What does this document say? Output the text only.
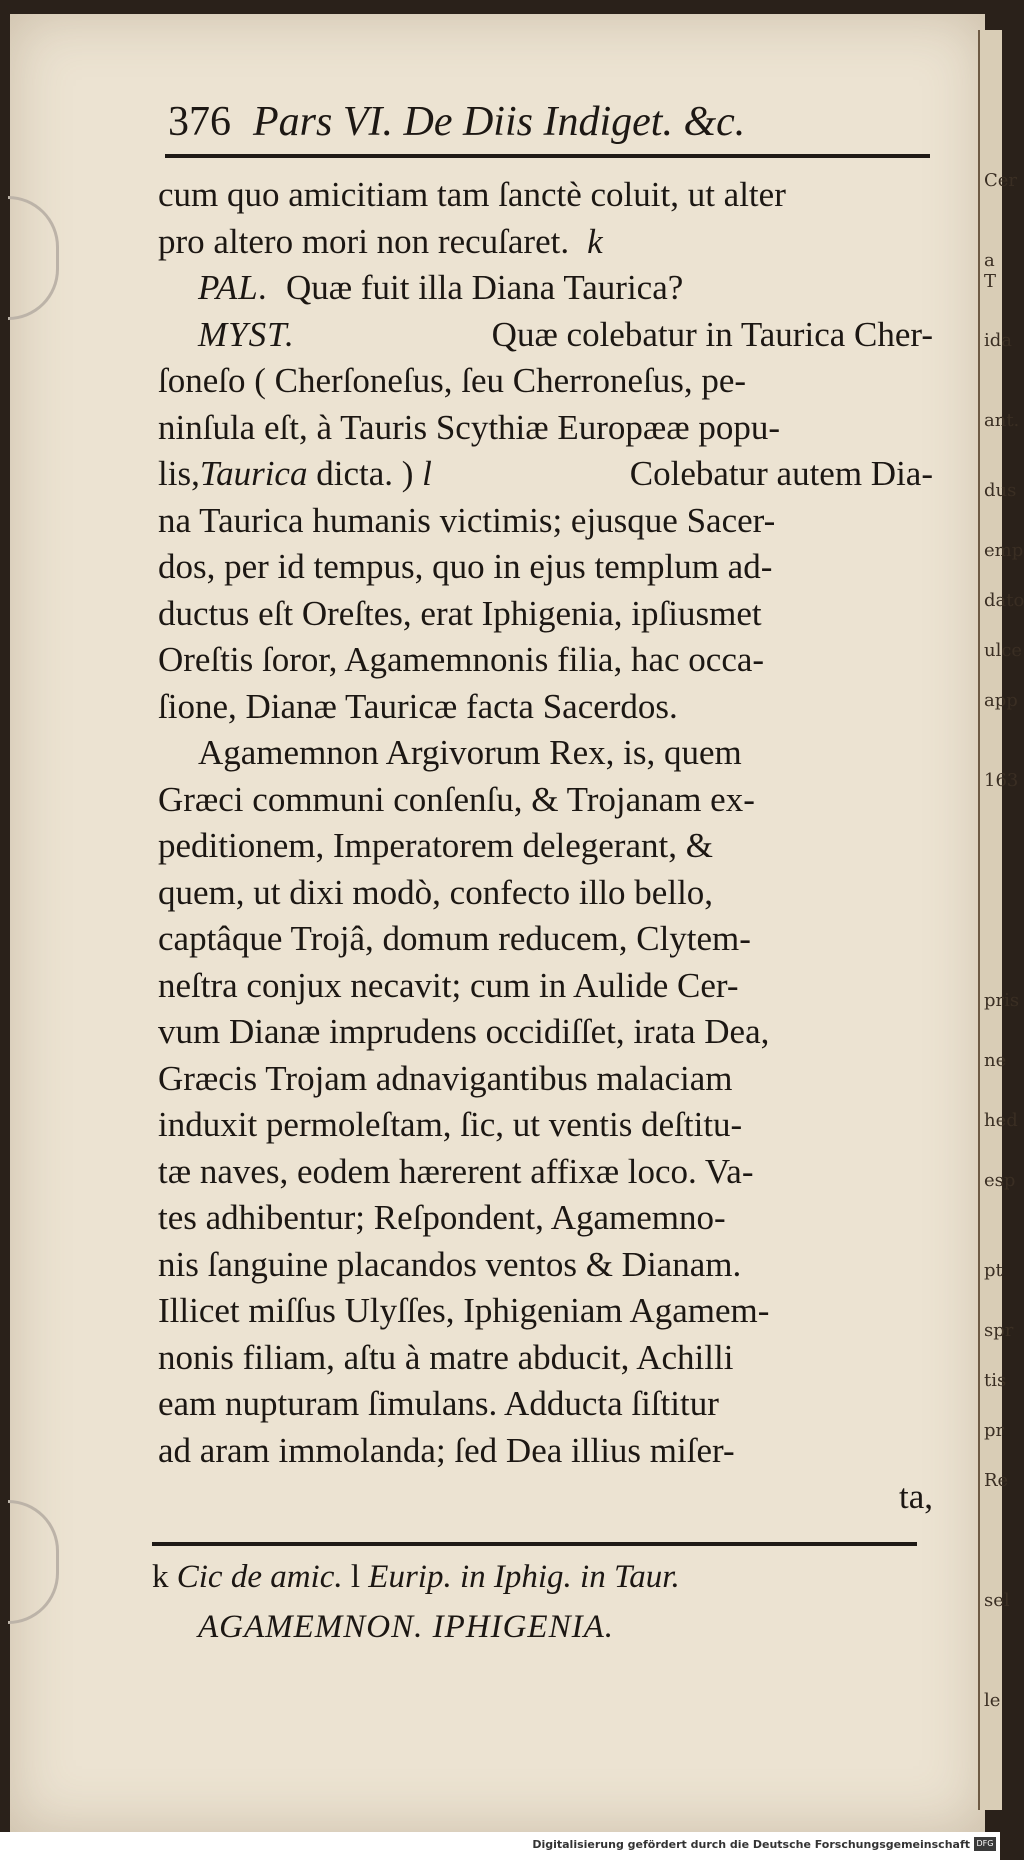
Cer
a T
ida
ant.
dus
emp
dato
ulce
app
163
pris
ne
hed
esp
pt
spr
tis
pr
Re
sel
le
376 Pars VI. De Diis Indiget. &c.
cum quo amicitiam tam ſanctè coluit, ut alter
pro altero mori non recuſaret. k
PAL.
Quæ fuit illa Diana Taurica?
MYST.	Quæ colebatur in Taurica Cher-
ſoneſo ( Cherſoneſus, ſeu Cherroneſus, pe-
ninſula eſt, à Tauris Scythiæ Europææ popu-
lis,Taurica dicta. ) l	Colebatur autem Dia-
na Taurica humanis victimis; ejusque Sacer-
dos, per id tempus, quo in ejus templum ad-
ductus eſt Oreſtes, erat Iphigenia, ipſiusmet
Oreſtis ſoror, Agamemnonis filia, hac occa-
ſione, Dianæ Tauricæ facta Sacerdos.
Agamemnon Argivorum Rex, is, quem
Græci communi conſenſu, & Trojanam ex-
peditionem, Imperatorem delegerant, &
quem, ut dixi modò, confecto illo bello,
captâque Trojâ, domum reducem, Clytem-
neſtra conjux necavit; cum in Aulide Cer-
vum Dianæ imprudens occidiſſet, irata Dea,
Græcis Trojam adnavigantibus malaciam
induxit permoleſtam, ſic, ut ventis deſtitu-
tæ naves, eodem hærerent affixæ loco. Va-
tes adhibentur; Reſpondent, Agamemno-
nis ſanguine placandos ventos & Dianam.
Illicet miſſus Ulyſſes, Iphigeniam Agamem-
nonis filiam, aſtu à matre abducit, Achilli
eam nupturam ſimulans. Adducta ſiſtitur
ad aram immolanda; ſed Dea illius miſer-
ta,
k Cic de amic. l Eurip. in Iphig. in Taur.
AGAMEMNON. IPHIGENIA.
Digitalisierung gefördert durch die Deutsche Forschungsgemeinschaft DFG
